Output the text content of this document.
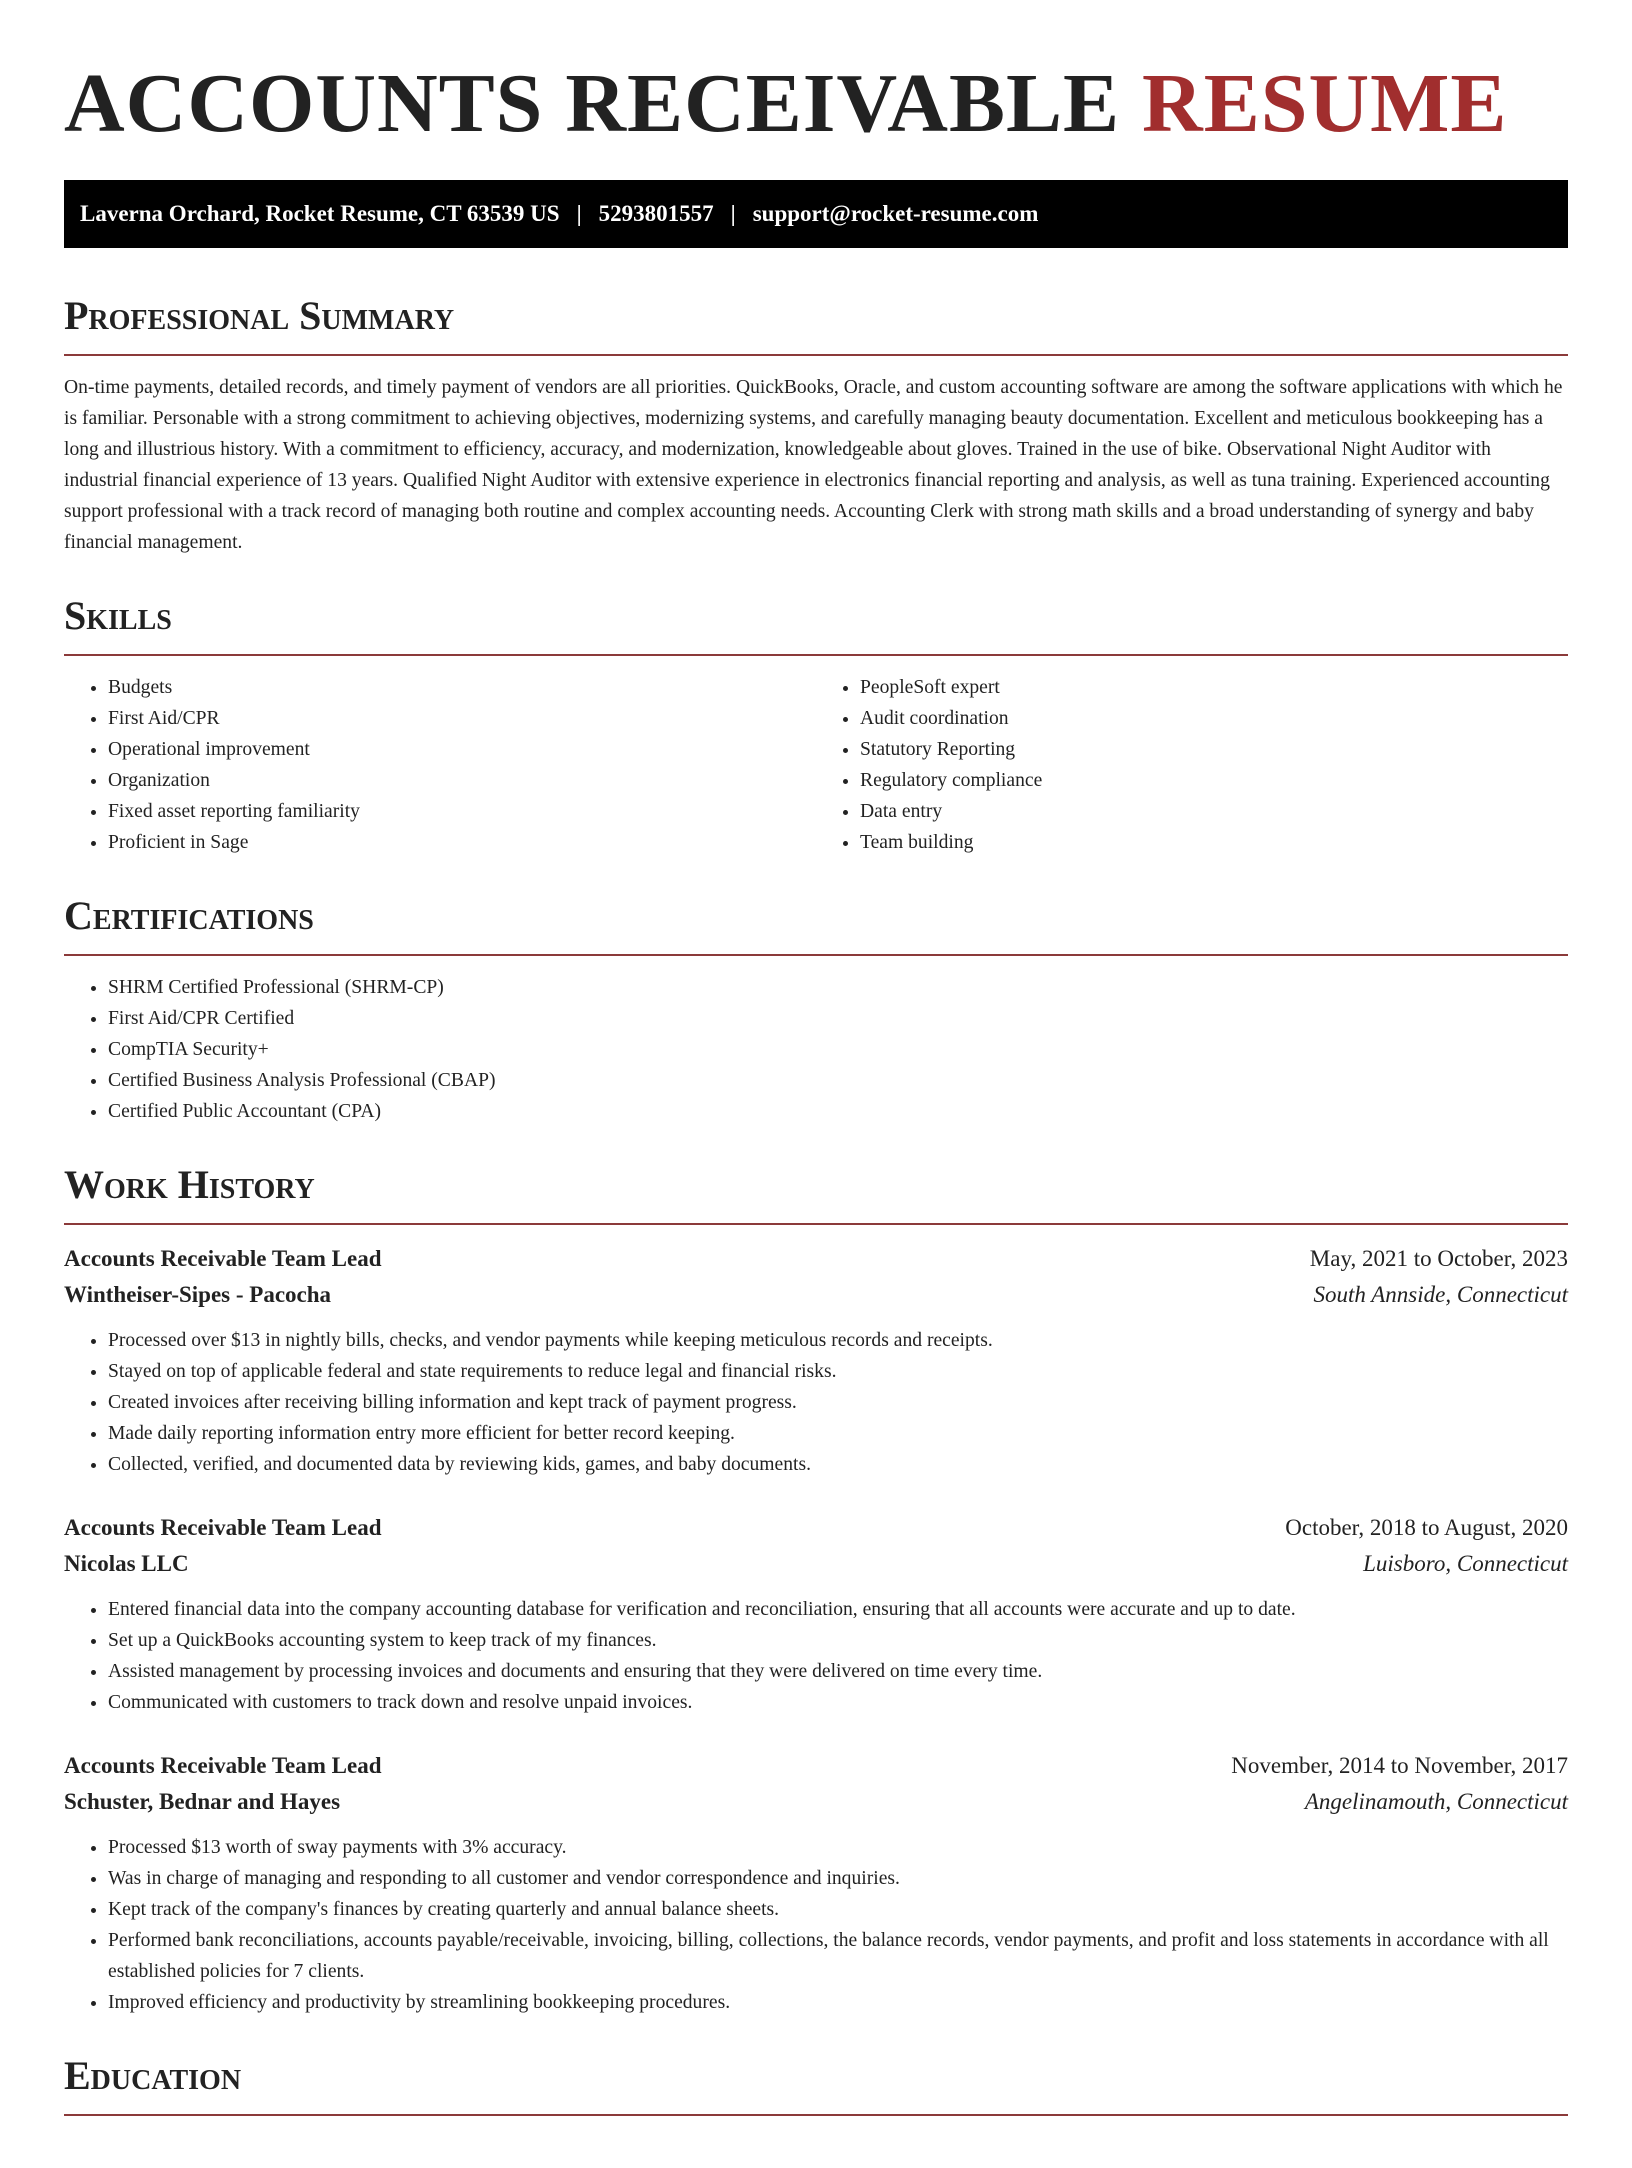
ACCOUNTS RECEIVABLE RESUME
Laverna Orchard, Rocket Resume, CT 63539 US | 5293801557 | support@rocket-resume.com
Professional Summary

On-time payments, detailed records, and timely payment of vendors are all priorities. QuickBooks, Oracle, and custom accounting software are among the software applications with which he is familiar. Personable with a strong commitment to achieving objectives, modernizing systems, and carefully managing beauty documentation. Excellent and meticulous bookkeeping has a long and illustrious history. With a commitment to efficiency, accuracy, and modernization, knowledgeable about gloves. Trained in the use of bike. Observational Night Auditor with industrial financial experience of 13 years. Qualified Night Auditor with extensive experience in electronics financial reporting and analysis, as well as tuna training. Experienced accounting support professional with a track record of managing both routine and complex accounting needs. Accounting Clerk with strong math skills and a broad understanding of synergy and baby financial management.

Skills
• Budgets
• First Aid/CPR
• Operational improvement
• Organization
• Fixed asset reporting familiarity
• Proficient in Sage
• PeopleSoft expert
• Audit coordination
• Statutory Reporting
• Regulatory compliance
• Data entry
• Team building
Certifications
• SHRM Certified Professional (SHRM-CP)
• First Aid/CPR Certified
• CompTIA Security+
• Certified Business Analysis Professional (CBAP)
• Certified Public Accountant (CPA)
Work History
Accounts Receivable Team Lead	May, 2021 to October, 2023
Wintheiser-Sipes - Pacocha	South Annside, Connecticut
• Processed over $13 in nightly bills, checks, and vendor payments while keeping meticulous records and receipts.
• Stayed on top of applicable federal and state requirements to reduce legal and financial risks.
• Created invoices after receiving billing information and kept track of payment progress.
• Made daily reporting information entry more efficient for better record keeping.
• Collected, verified, and documented data by reviewing kids, games, and baby documents.
Accounts Receivable Team Lead	October, 2018 to August, 2020
Nicolas LLC	Luisboro, Connecticut
• Entered financial data into the company accounting database for verification and reconciliation, ensuring that all accounts were accurate and up to date.
• Set up a QuickBooks accounting system to keep track of my finances.
• Assisted management by processing invoices and documents and ensuring that they were delivered on time every time.
• Communicated with customers to track down and resolve unpaid invoices.
Accounts Receivable Team Lead	November, 2014 to November, 2017
Schuster, Bednar and Hayes	Angelinamouth, Connecticut
• Processed $13 worth of sway payments with 3% accuracy.
• Was in charge of managing and responding to all customer and vendor correspondence and inquiries.
• Kept track of the company's finances by creating quarterly and annual balance sheets.
• Performed bank reconciliations, accounts payable/receivable, invoicing, billing, collections, the balance records, vendor payments, and profit and loss statements in accordance with all established policies for 7 clients.
• Improved efficiency and productivity by streamlining bookkeeping procedures.
Education
